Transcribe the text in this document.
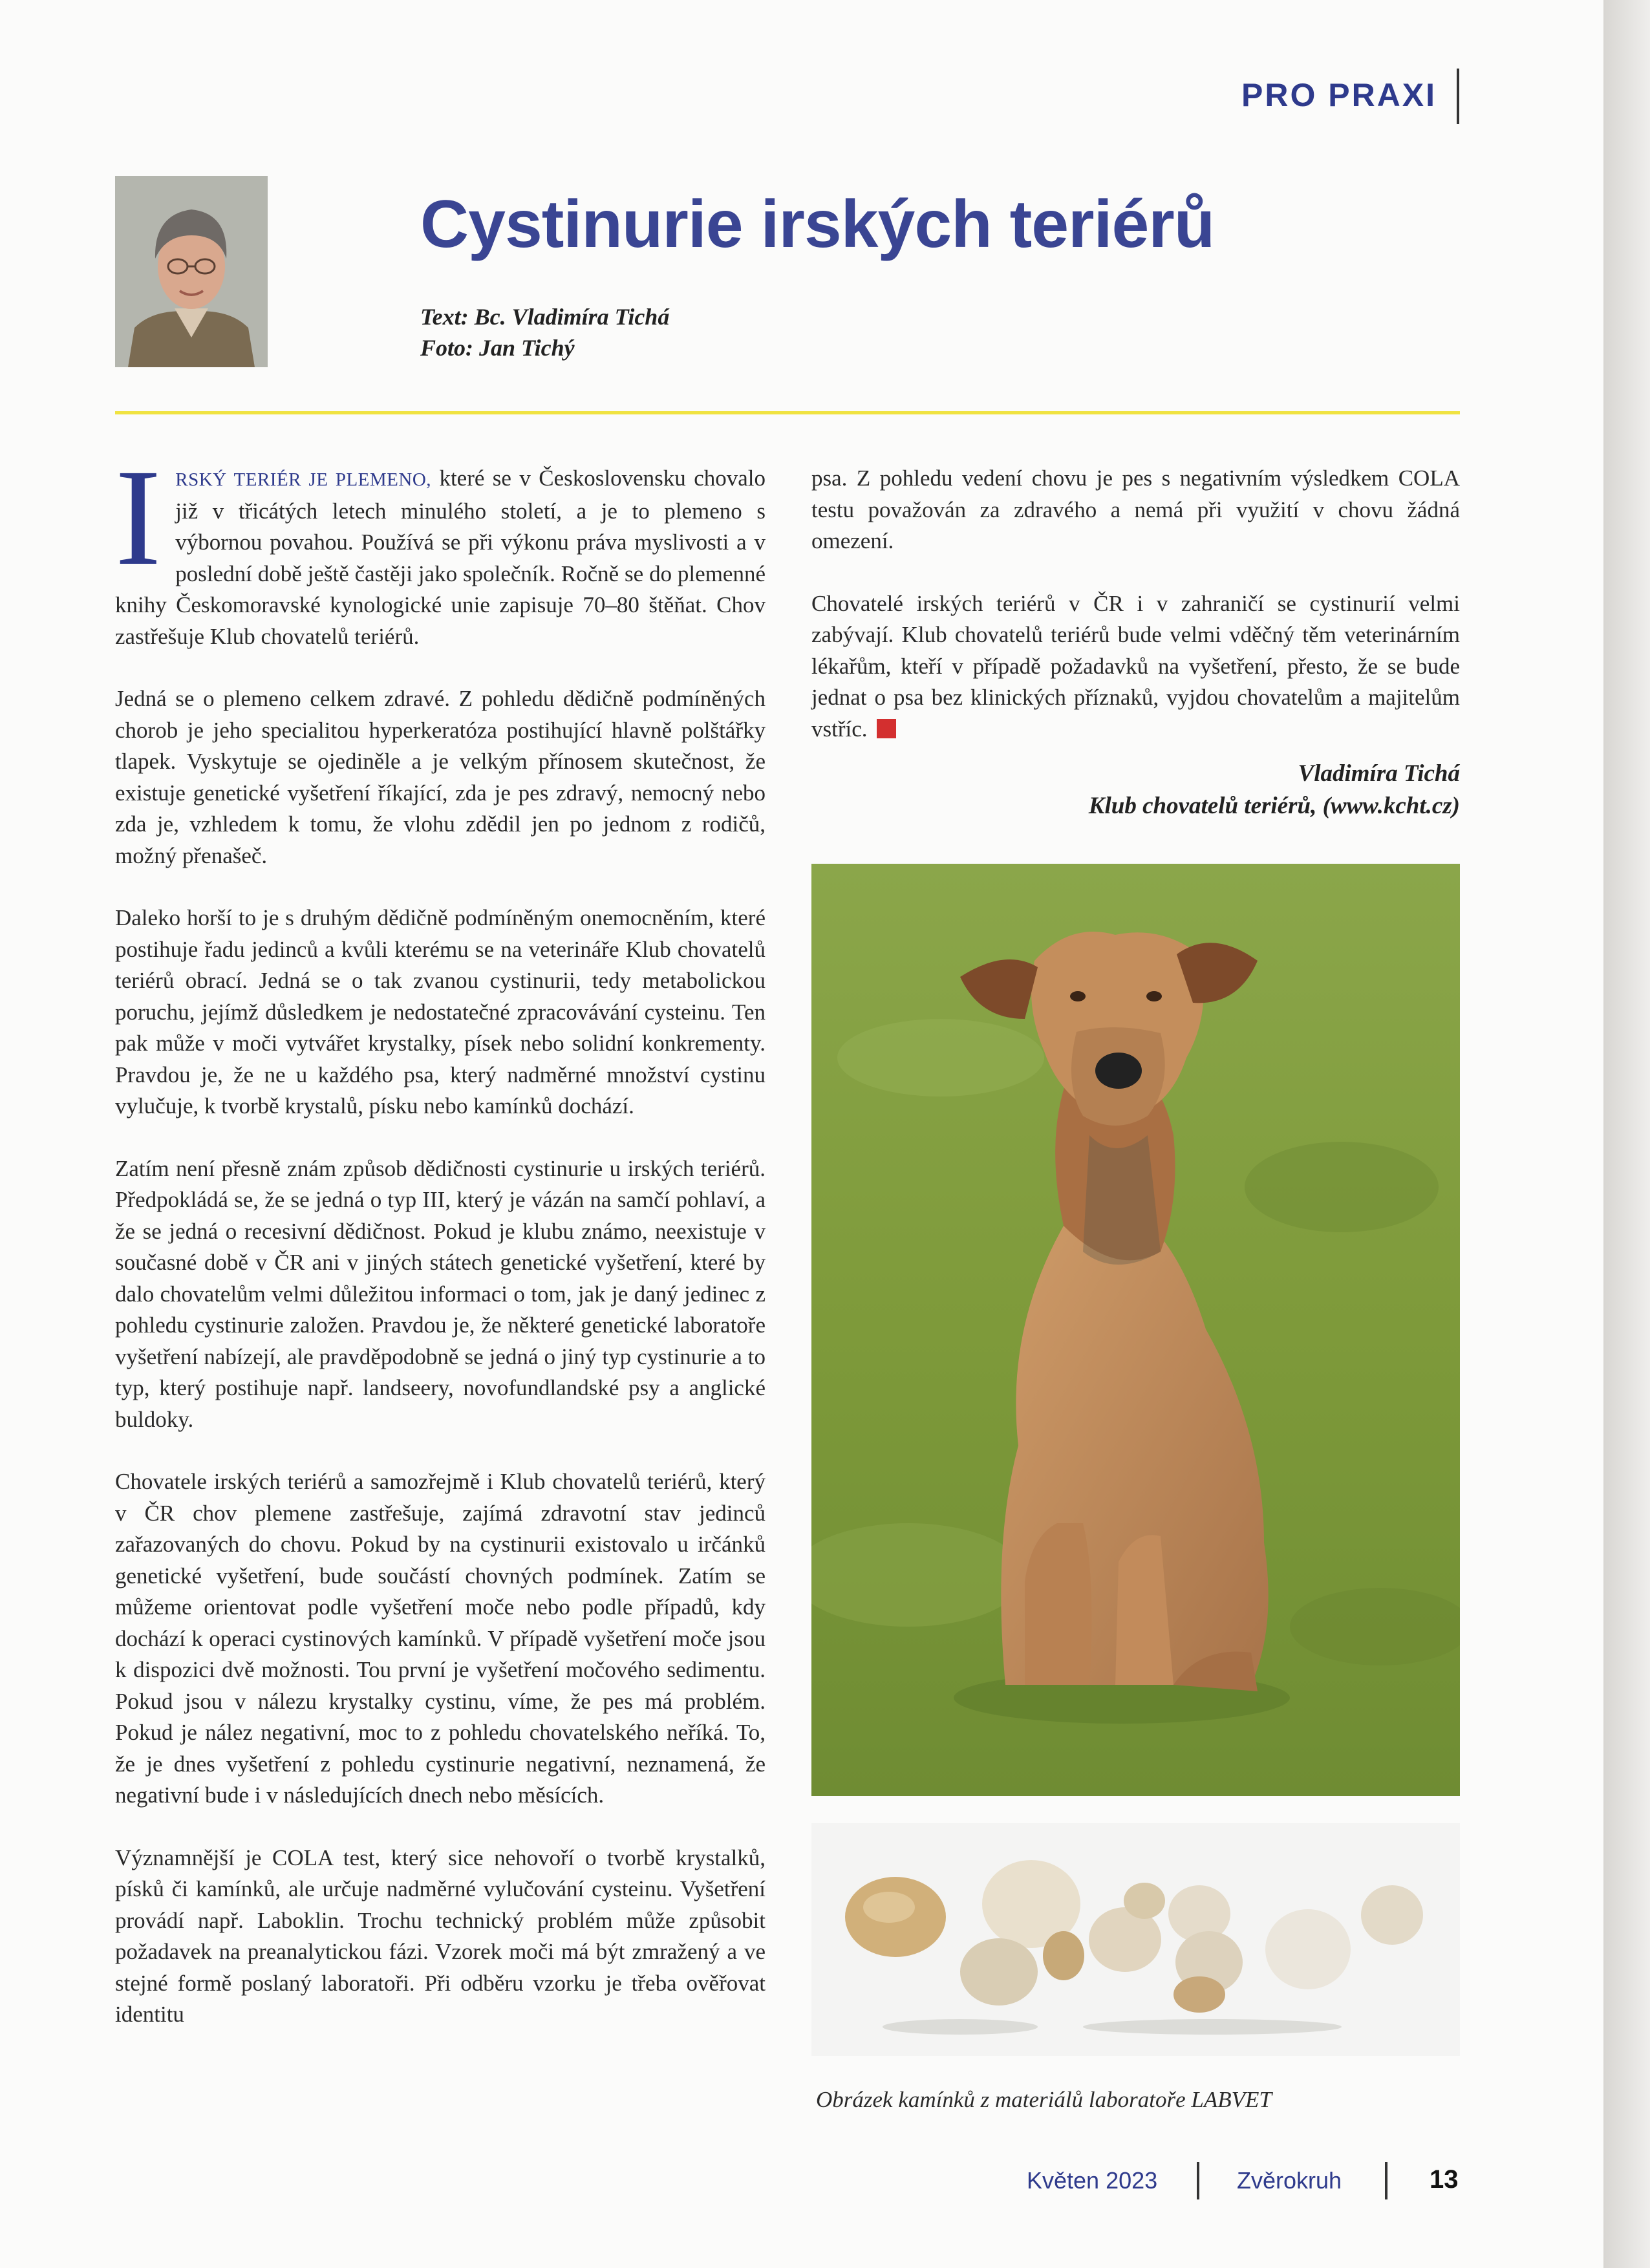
PRO PRAXI
Cystinurie irských teriérů
Text: Bc. Vladimíra Tichá
Foto: Jan Tichý

IRSKÝ TERIÉR JE PLEMENO, které se v Československu chovalo již v třicátých letech minulého století, a je to plemeno s výbornou povahou. Používá se při výkonu práva myslivosti a v poslední době ještě častěji jako společník. Ročně se do plemenné knihy Českomoravské kynologické unie zapisuje 70–80 štěňat. Chov zastřešuje Klub chovatelů teriérů.

Jedná se o plemeno celkem zdravé. Z pohledu dědičně podmíněných chorob je jeho specialitou hyperkeratóza postihující hlavně polštářky tlapek. Vyskytuje se ojediněle a je velkým přínosem skutečnost, že existuje genetické vyšetření říkající, zda je pes zdravý, nemocný nebo zda je, vzhledem k tomu, že vlohu zdědil jen po jednom z rodičů, možný přenašeč.

Daleko horší to je s druhým dědičně podmíněným onemocněním, které postihuje řadu jedinců a kvůli kterému se na veterináře Klub chovatelů teriérů obrací. Jedná se o tak zvanou cystinurii, tedy metabolickou poruchu, jejímž důsledkem je nedostatečné zpracovávání cysteinu. Ten pak může v moči vytvářet krystalky, písek nebo solidní konkrementy. Pravdou je, že ne u každého psa, který nadměrné množství cystinu vylučuje, k tvorbě krystalů, písku nebo kamínků dochází.

Zatím není přesně znám způsob dědičnosti cystinurie u irských teriérů. Předpokládá se, že se jedná o typ III, který je vázán na samčí pohlaví, a že se jedná o recesivní dědičnost. Pokud je klubu známo, neexistuje v současné době v ČR ani v jiných státech genetické vyšetření, které by dalo chovatelům velmi důležitou informaci o tom, jak je daný jedinec z pohledu cystinurie založen. Pravdou je, že některé genetické laboratoře vyšetření nabízejí, ale pravděpodobně se jedná o jiný typ cystinurie a to typ, který postihuje např. landseery, novofundlandské psy a anglické buldoky.

Chovatele irských teriérů a samozřejmě i Klub chovatelů teriérů, který v ČR chov plemene zastřešuje, zajímá zdravotní stav jedinců zařazovaných do chovu. Pokud by na cystinurii existovalo u irčánků genetické vyšetření, bude součástí chovných podmínek. Zatím se můžeme orientovat podle vyšetření moče nebo podle případů, kdy dochází k operaci cystinových kamínků. V případě vyšetření moče jsou k dispozici dvě možnosti. Tou první je vyšetření močového sedimentu. Pokud jsou v nálezu krystalky cystinu, víme, že pes má problém. Pokud je nález negativní, moc to z pohledu chovatelského neříká. To, že je dnes vyšetření z pohledu cystinurie negativní, neznamená, že negativní bude i v následujících dnech nebo měsících.

Významnější je COLA test, který sice nehovoří o tvorbě krystalků, písků či kamínků, ale určuje nadměrné vylučování cysteinu. Vyšetření provádí např. Laboklin. Trochu technický problém může způsobit požadavek na preanalytickou fázi. Vzorek moči má být zmražený a ve stejné formě poslaný laboratoři. Při odběru vzorku je třeba ověřovat identitu

psa. Z pohledu vedení chovu je pes s negativním výsledkem COLA testu považován za zdravého a nemá při využití v chovu žádná omezení.

Chovatelé irských teriérů v ČR i v zahraničí se cystinurií velmi zabývají. Klub chovatelů teriérů bude velmi vděčný těm veterinárním lékařům, kteří v případě požadavků na vyšetření, přesto, že se bude jednat o psa bez klinických příznaků, vyjdou chovatelům a majitelům vstříc.

Vladimíra Tichá
Klub chovatelů teriérů, (www.kcht.cz)
Obrázek kamínků z materiálů laboratoře LABVET
Květen 2023	Zvěrokruh	13
